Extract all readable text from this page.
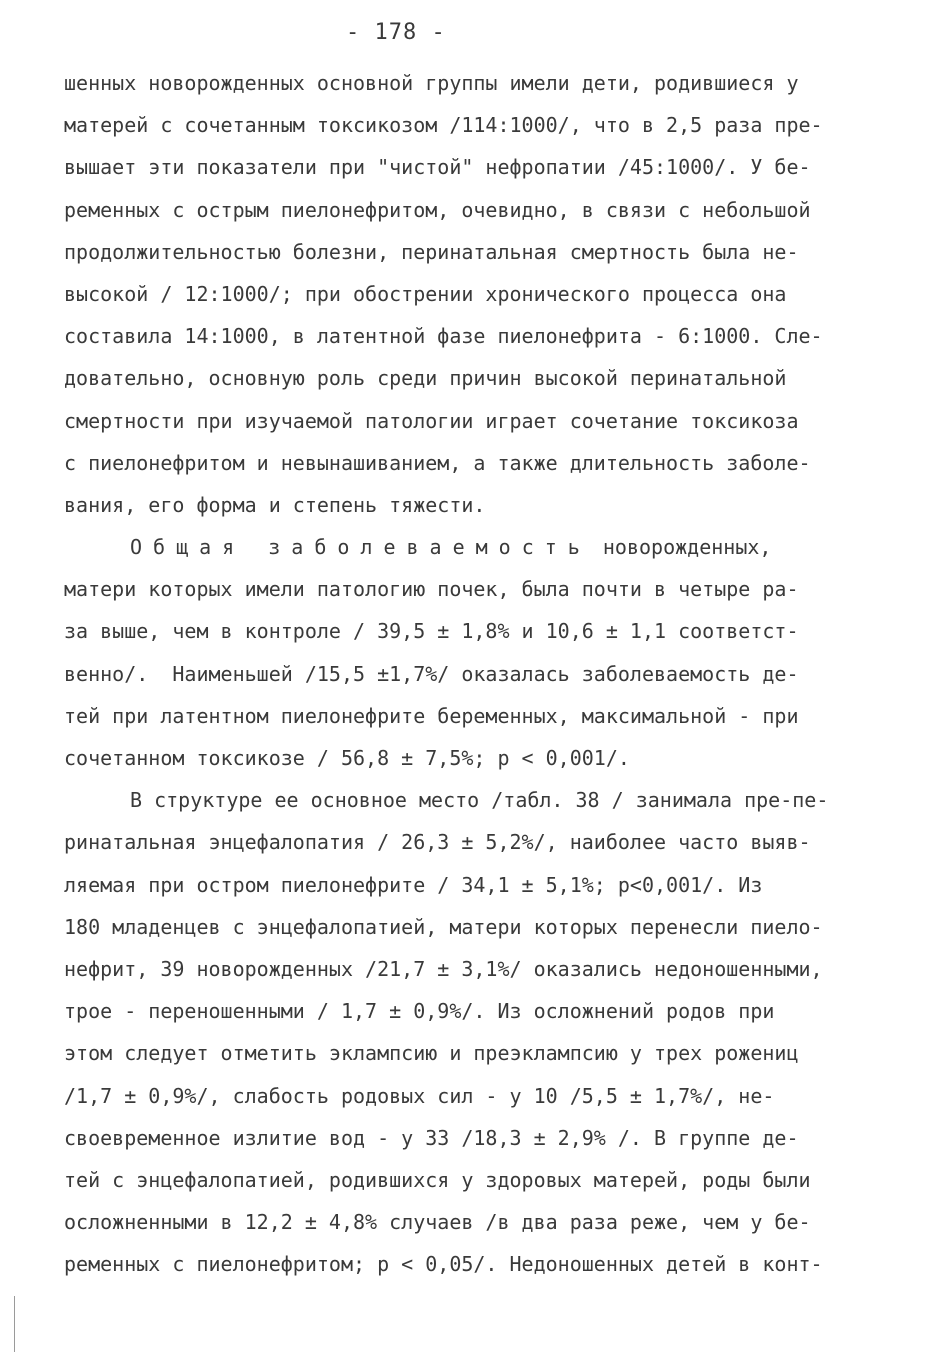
- 178 -
шенных новорожденных основной группы имели дети, родившиеся у
матерей с сочетанным токсикозом /114:1000/, что в 2,5 раза пре-
вышает эти показатели при "чистой" нефропатии /45:1000/. У бе-
ременных с острым пиелонефритом, очевидно, в связи с небольшой
продолжительностью болезни, перинатальная смертность была не-
высокой / 12:1000/; при обострении хронического процесса она
составила 14:1000, в латентной фазе пиелонефрита - 6:1000. Сле-
довательно, основную роль среди причин высокой перинатальной
смертности при изучаемой патологии играет сочетание токсикоза
с пиелонефритом и невынашиванием, а также длительность заболе-
вания, его форма и степень тяжести.
Общая заболеваемость новорожденных,
матери которых имели патологию почек, была почти в четыре ра-
за выше, чем в контроле / 39,5 ± 1,8% и 10,6 ± 1,1 соответст-
венно/.  Наименьшей /15,5 ±1,7%/ оказалась заболеваемость де-
тей при латентном пиелонефрите беременных, максимальной - при
сочетанном токсикозе / 56,8 ± 7,5%; p < 0,001/.
В структуре ее основное место /табл. 38 / занимала пре-пе-
ринатальная энцефалопатия / 26,3 ± 5,2%/, наиболее часто выяв-
ляемая при остром пиелонефрите / 34,1 ± 5,1%; p<0,001/. Из
180 младенцев с энцефалопатией, матери которых перенесли пиело-
нефрит, 39 новорожденных /21,7 ± 3,1%/ оказались недоношенными,
трое - переношенными / 1,7 ± 0,9%/. Из осложнений родов при
этом следует отметить эклампсию и преэклампсию у трех рожениц
/1,7 ± 0,9%/, слабость родовых сил - у 10 /5,5 ± 1,7%/, не-
своевременное излитие вод - у 33 /18,3 ± 2,9% /. В группе де-
тей с энцефалопатией, родившихся у здоровых матерей, роды были
осложненными в 12,2 ± 4,8% случаев /в два раза реже, чем у бе-
ременных с пиелонефритом; p < 0,05/. Недоношенных детей в конт-
